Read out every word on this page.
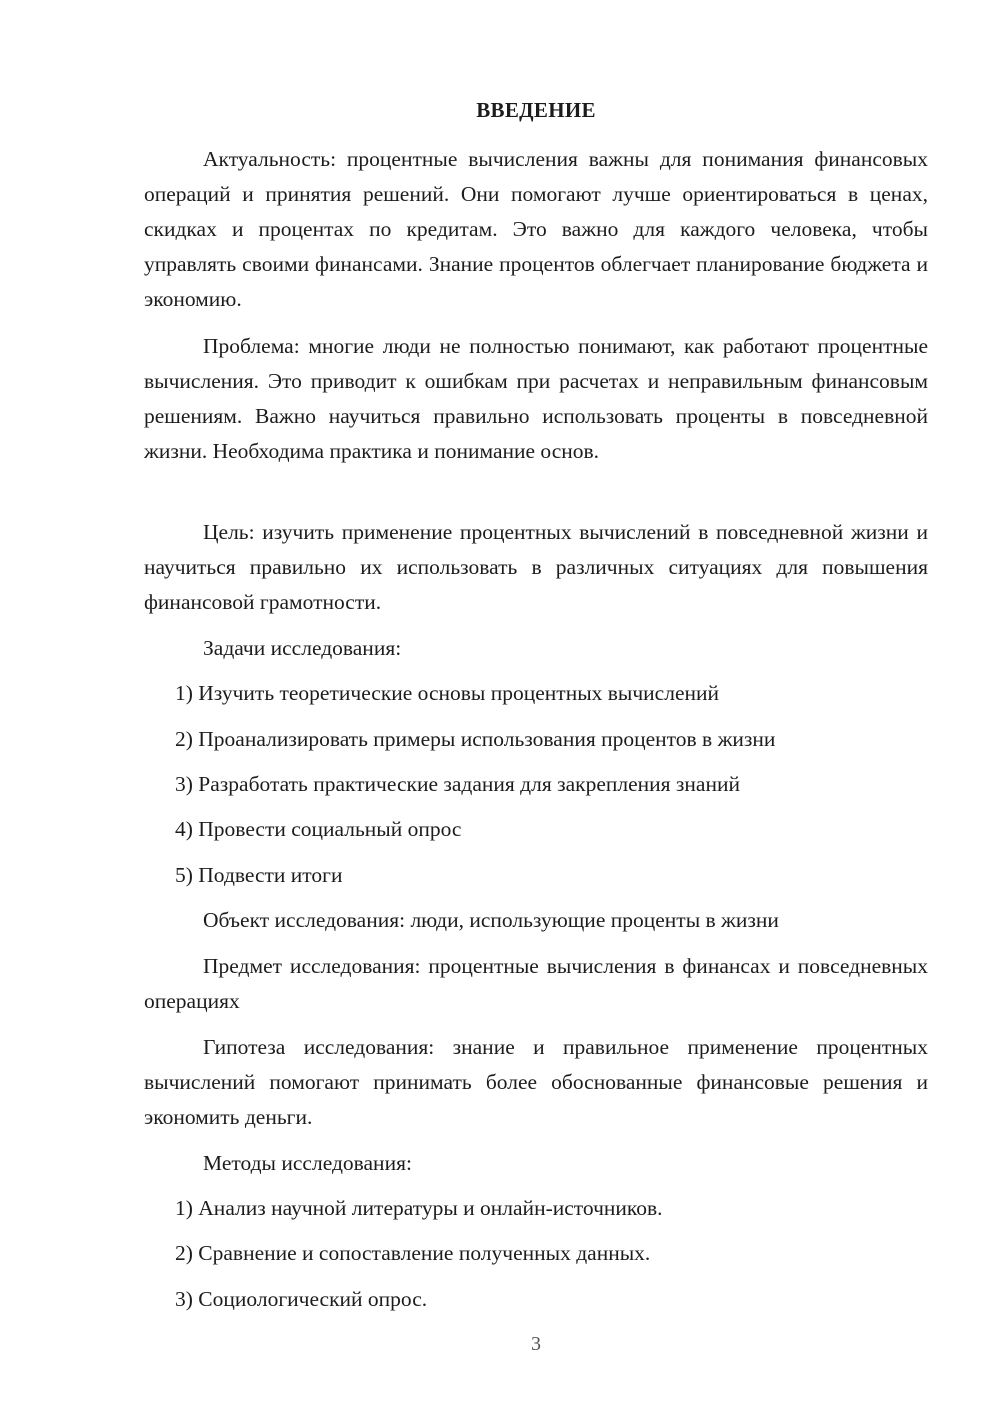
ВВЕДЕНИЕ

Актуальность: процентные вычисления важны для понимания финансовых операций и принятия решений. Они помогают лучше ориентироваться в ценах, скидках и процентах по кредитам. Это важно для каждого человека, чтобы управлять своими финансами. Знание процентов облегчает планирование бюджета и экономию.

Проблема: многие люди не полностью понимают, как работают процентные вычисления. Это приводит к ошибкам при расчетах и неправильным финансовым решениям. Важно научиться правильно использовать проценты в повседневной жизни. Необходима практика и понимание основ.

Цель: изучить применение процентных вычислений в повседневной жизни и научиться правильно их использовать в различных ситуациях для повышения финансовой грамотности.

Задачи исследования:

1) Изучить теоретические основы процентных вычислений

2) Проанализировать примеры использования процентов в жизни

3) Разработать практические задания для закрепления знаний

4) Провести социальный опрос

5) Подвести итоги

Объект исследования: люди, использующие проценты в жизни

Предмет исследования: процентные вычисления в финансах и повседневных операциях

Гипотеза исследования: знание и правильное применение процентных вычислений помогают принимать более обоснованные финансовые решения и экономить деньги.

Методы исследования:

1) Анализ научной литературы и онлайн-источников.

2) Сравнение и сопоставление полученных данных.

3) Социологический опрос.

3
